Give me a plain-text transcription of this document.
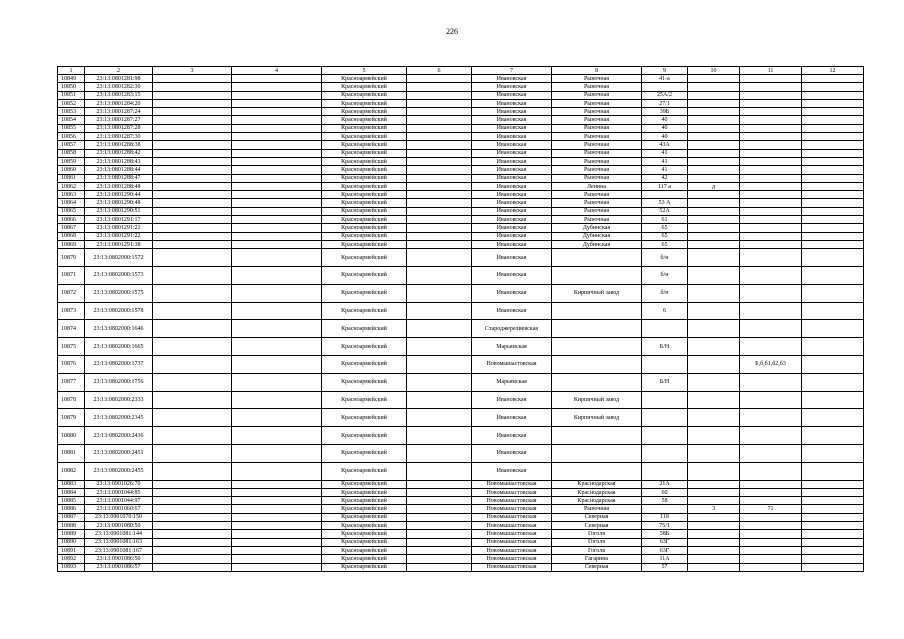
226
1	2	3	4	5	6	7	8	9	10	11	12
10849	23:13:0801281:98			Красноармейский		Ивановская	Рыночная	41-а			
10850	23:13:0801282:30			Красноармейский		Ивановская	Рыночная				
10851	23:13:0801283:15			Красноармейский		Ивановская	Рыночная	25А/2			
10852	23:13:0801284:20			Красноармейский		Ивановская	Рыночная	27/1			
10853	23:13:0801287:24			Красноармейский		Ивановская	Рыночная	39Б			
10854	23:13:0801287:27			Красноармейский		Ивановская	Рыночная	40			
10855	23:13:0801287:28			Красноармейский		Ивановская	Рыночная	40			
10856	23:13:0801287:30			Красноармейский		Ивановская	Рыночная	40			
10857	23:13:0801288:38			Красноармейский		Ивановская	Рыночная	43А			
10858	23:13:0801288:42			Красноармейский		Ивановская	Рыночная	41			
10859	23:13:0801288:43			Красноармейский		Ивановская	Рыночная	41			
10860	23:13:0801288:44			Красноармейский		Ивановская	Рыночная	41			
10861	23:13:0801288:47			Красноармейский		Ивановская	Рыночная	42			
10862	23:13:0801288:48			Красноармейский		Ивановская	Ленина	117 а	д		
10863	23:13:0801290:44			Красноармейский		Ивановская	Рыночная				
10864	23:13:0801290:48			Красноармейский		Ивановская	Рыночная	53 А			
10865	23:13:0801290:51			Красноармейский		Ивановская	Рыночная	52А			
10866	23:13:0801291:17			Красноармейский		Ивановская	Рыночная	61			
10867	23:13:0801291:21			Красноармейский		Ивановская	Дубинская	65			
10868	23:13:0801291:22			Красноармейский		Ивановская	Дубинская	65			
10869	23:13:0801291:38			Красноармейский		Ивановская	Дубинская	65			
10870	23:13:0802000:1572			Красноармейский		Ивановская		б/н			
10871	23:13:0802000:1573			Красноармейский		Ивановская		б/н			
10872	23:13:0802000:1575			Красноармейский		Ивановская	Кирпичный завод	б/н			
10873	23:13:0802000:1578			Красноармейский		Ивановская		6			
10874	23:13:0802000:1646			Красноармейский		Староджерелиевская					
10875	23:13:0802000:1665			Красноармейский		Марьянская		Б/Н			
10876	23:13:0802000:1737			Красноармейский		Новомышастовская				Б,б,б1,б2,б3	
10877	23:13:0802000:1756			Красноармейский		Марьянская		Б/Н			
10878	23:13:0802000:2333			Красноармейский		Ивановская	Кирпичный завод				
10879	23:13:0802000:2345			Красноармейский		Ивановская	Кирпичный завод				
10880	23:13:0802000:2436			Красноармейский		Ивановская					
10881	23:13:0802000:2451			Красноармейский		Ивановская					
10882	23:13:0802000:2455			Красноармейский		Ивановская					
10883	23:13:0901026:70			Красноармейский		Новомышастовская	Краснодарская	21А			
10884	23:13:0901044:85			Красноармейский		Новомышастовская	Краснодарская	60			
10885	23:13:0901044:97			Красноармейский		Новомышастовская	Краснодарская	58			
10886	23:13:0901060:67			Красноармейский		Новомышастовская	Рыночная		3	71	
10887	23:13:0901070:150			Красноармейский		Новомышастовская	Северная	118			
10888	23:13:0901080:50			Красноармейский		Новомышастовская	Северная	75/1			
10889	23:13:0901081:144			Красноармейский		Новомышастовская	Гоголя	58Б			
10890	23:13:0901081:163			Красноармейский		Новомышастовская	Гоголя	63Г			
10891	23:13:0901081:167			Красноармейский		Новомышастовская	Гоголя	63Г			
10892	23:13:0901086:50			Красноармейский		Новомышастовская	Гагарина	11А			
10893	23:13:0901086:57			Красноармейский		Новомышастовская	Северная	57			
